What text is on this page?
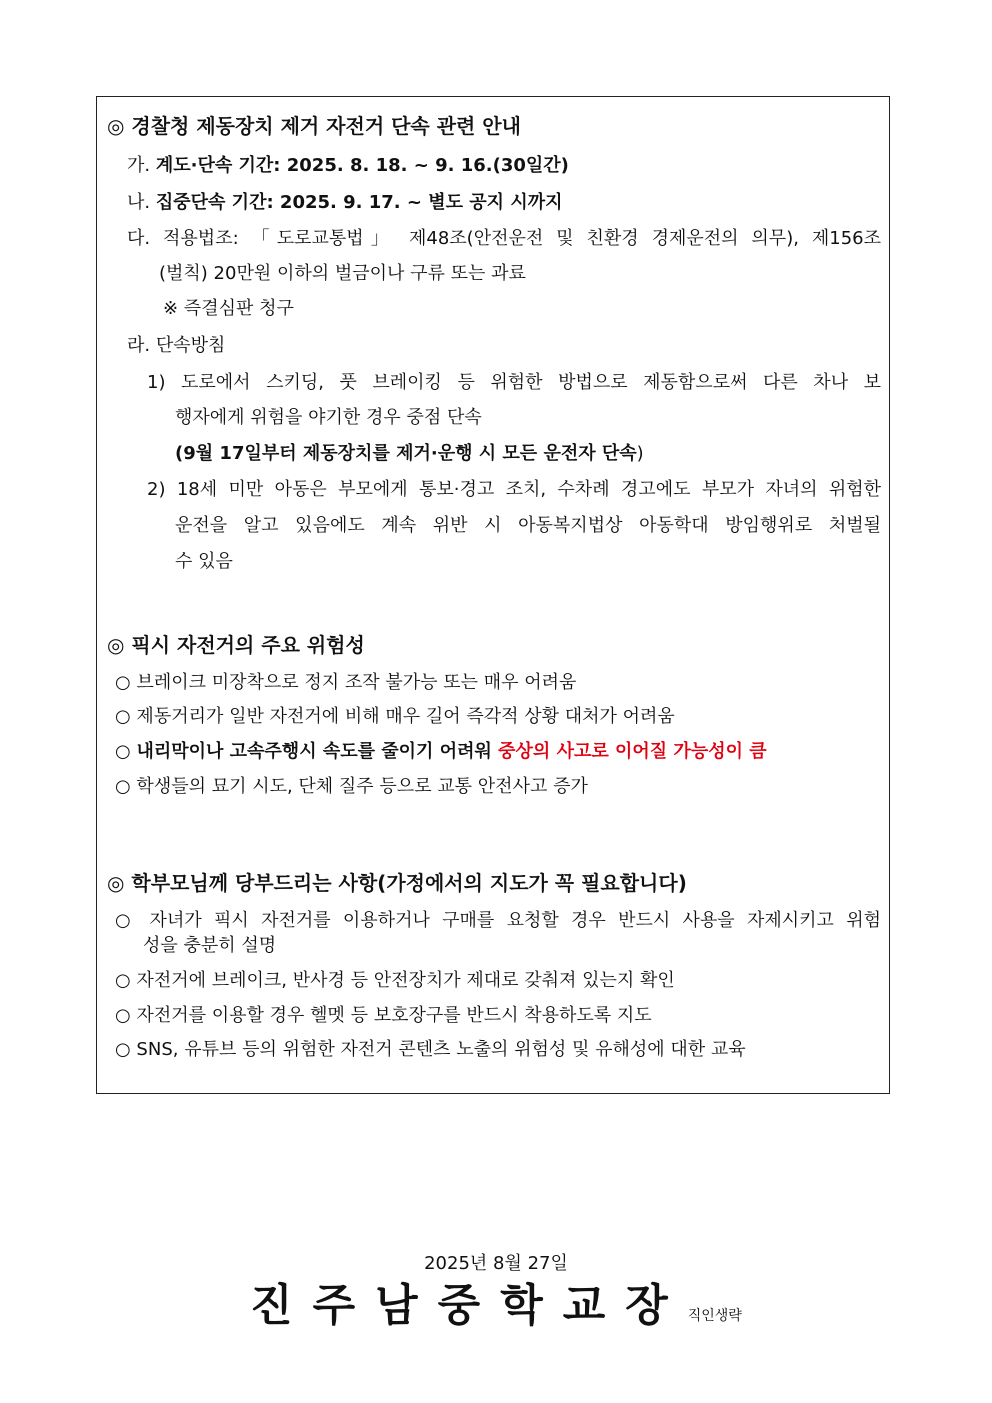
◎ 경찰청 제동장치 제거 자전거 단속 관련 안내
가. 계도·단속 기간: 2025. 8. 18. ~ 9. 16.(30일간)
나. 집중단속 기간: 2025. 9. 17. ~ 별도 공지 시까지
다. 적용법조: 「도로교통법」 제48조(안전운전 및 친환경 경제운전의 의무), 제156조
(벌칙) 20만원 이하의 벌금이나 구류 또는 과료
※ 즉결심판 청구
라. 단속방침
1) 도로에서 스키딩, 풋 브레이킹 등 위험한 방법으로 제동함으로써 다른 차나 보
행자에게 위험을 야기한 경우 중점 단속
(9월 17일부터 제동장치를 제거·운행 시 모든 운전자 단속)
2) 18세 미만 아동은 부모에게 통보·경고 조치, 수차례 경고에도 부모가 자녀의 위험한
운전을 알고 있음에도 계속 위반 시 아동복지법상 아동학대 방임행위로 처벌될
수 있음
◎ 픽시 자전거의 주요 위험성
○ 브레이크 미장착으로 정지 조작 불가능 또는 매우 어려움
○ 제동거리가 일반 자전거에 비해 매우 길어 즉각적 상황 대처가 어려움
○ 내리막이나 고속주행시 속도를 줄이기 어려워 중상의 사고로 이어질 가능성이 큼
○ 학생들의 묘기 시도, 단체 질주 등으로 교통 안전사고 증가
◎ 학부모님께 당부드리는 사항(가정에서의 지도가 꼭 필요합니다)
○ 자녀가 픽시 자전거를 이용하거나 구매를 요청할 경우 반드시 사용을 자제시키고 위험
성을 충분히 설명
○ 자전거에 브레이크, 반사경 등 안전장치가 제대로 갖춰져 있는지 확인
○ 자전거를 이용할 경우 헬멧 등 보호장구를 반드시 착용하도록 지도
○ SNS, 유튜브 등의 위험한 자전거 콘텐츠 노출의 위험성 및 유해성에 대한 교육
2025년 8월 27일
진주남중학교장직인생략
